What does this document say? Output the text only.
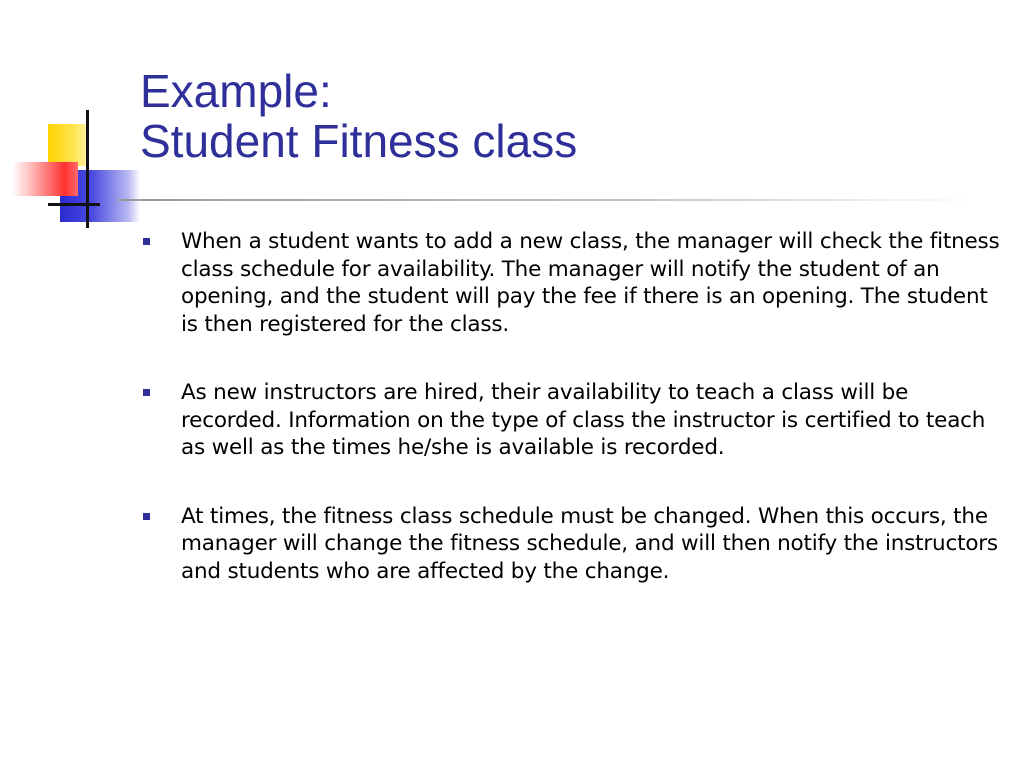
Example:
Student Fitness class
When a student wants to add a new class, the manager will check the fitness class schedule for availability. The manager will notify the student of an opening, and the student will pay the fee if there is an opening. The student is then registered for the class.
As new instructors are hired, their availability to teach a class will be recorded. Information on the type of class the instructor is certified to teach as well as the times he/she is available is recorded.
At times, the fitness class schedule must be changed. When this occurs, the manager will change the fitness schedule, and will then notify the instructors and students who are affected by the change.
